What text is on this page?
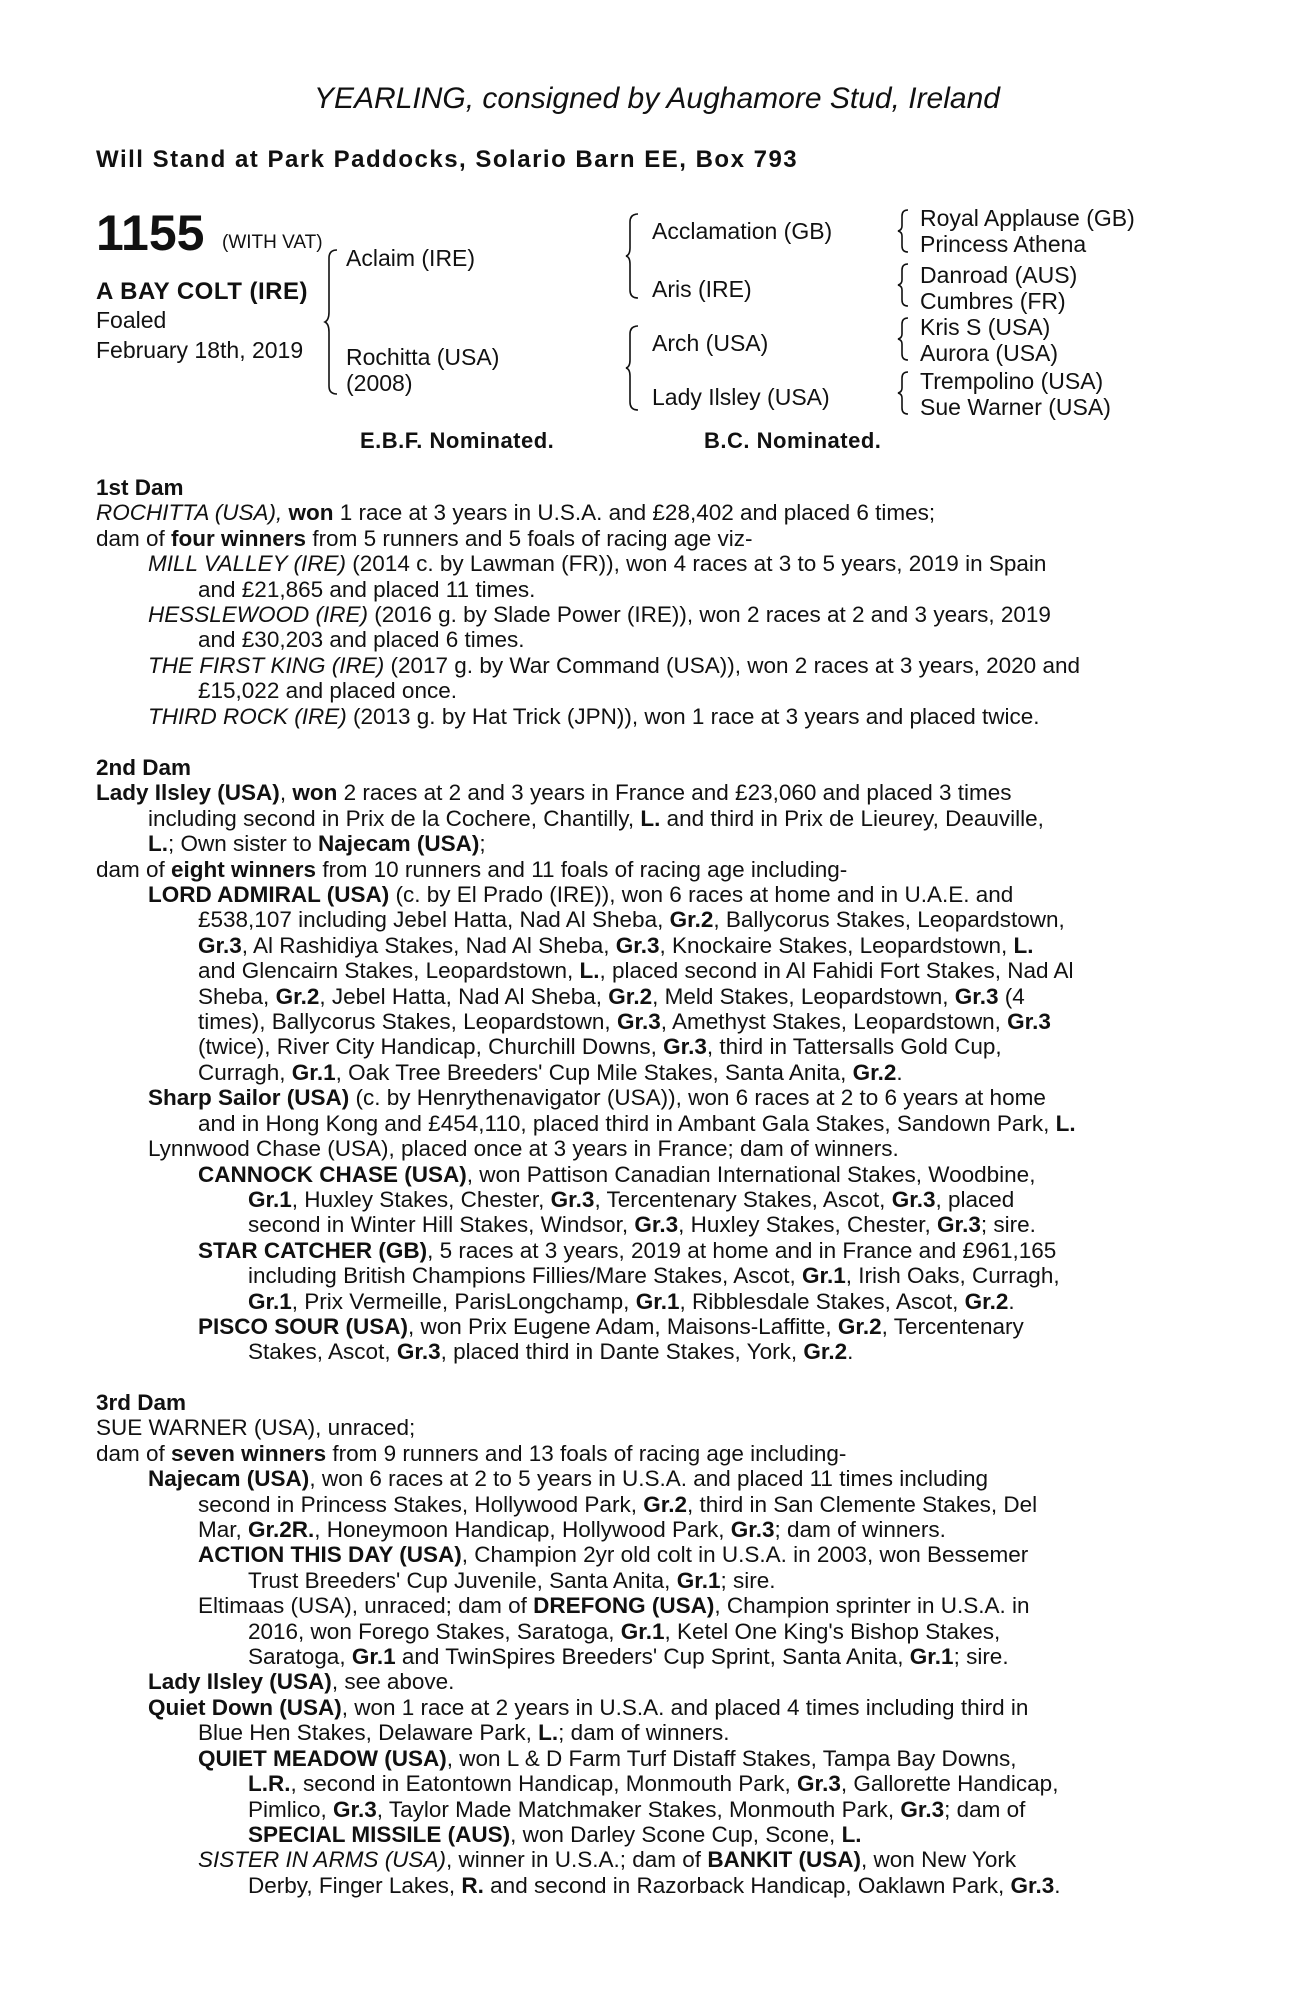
YEARLING, consigned by Aughamore Stud, Ireland
Will Stand at Park Paddocks, Solario Barn EE, Box 793
1155 (WITH VAT)
A BAY COLT (IRE)
Foaled
February 18th, 2019
Aclaim (IRE)
Rochitta (USA)
(2008)
Acclamation (GB)
Aris (IRE)
Arch (USA)
Lady Ilsley (USA)
Royal Applause (GB)
Princess Athena
Danroad (AUS)
Cumbres (FR)
Kris S (USA)
Aurora (USA)
Trempolino (USA)
Sue Warner (USA)
E.B.F. Nominated.	B.C. Nominated.
1st Dam
ROCHITTA (USA), won 1 race at 3 years in U.S.A. and £28,402 and placed 6 times;
dam of four winners from 5 runners and 5 foals of racing age viz-
MILL VALLEY (IRE) (2014 c. by Lawman (FR)), won 4 races at 3 to 5 years, 2019 in Spain
and £21,865 and placed 11 times.
HESSLEWOOD (IRE) (2016 g. by Slade Power (IRE)), won 2 races at 2 and 3 years, 2019
and £30,203 and placed 6 times.
THE FIRST KING (IRE) (2017 g. by War Command (USA)), won 2 races at 3 years, 2020 and
£15,022 and placed once.
THIRD ROCK (IRE) (2013 g. by Hat Trick (JPN)), won 1 race at 3 years and placed twice.
2nd Dam
Lady Ilsley (USA), won 2 races at 2 and 3 years in France and £23,060 and placed 3 times
including second in Prix de la Cochere, Chantilly, L. and third in Prix de Lieurey, Deauville,
L.; Own sister to Najecam (USA);
dam of eight winners from 10 runners and 11 foals of racing age including-
LORD ADMIRAL (USA) (c. by El Prado (IRE)), won 6 races at home and in U.A.E. and
£538,107 including Jebel Hatta, Nad Al Sheba, Gr.2, Ballycorus Stakes, Leopardstown,
Gr.3, Al Rashidiya Stakes, Nad Al Sheba, Gr.3, Knockaire Stakes, Leopardstown, L.
and Glencairn Stakes, Leopardstown, L., placed second in Al Fahidi Fort Stakes, Nad Al
Sheba, Gr.2, Jebel Hatta, Nad Al Sheba, Gr.2, Meld Stakes, Leopardstown, Gr.3 (4
times), Ballycorus Stakes, Leopardstown, Gr.3, Amethyst Stakes, Leopardstown, Gr.3
(twice), River City Handicap, Churchill Downs, Gr.3, third in Tattersalls Gold Cup,
Curragh, Gr.1, Oak Tree Breeders' Cup Mile Stakes, Santa Anita, Gr.2.
Sharp Sailor (USA) (c. by Henrythenavigator (USA)), won 6 races at 2 to 6 years at home
and in Hong Kong and £454,110, placed third in Ambant Gala Stakes, Sandown Park, L.
Lynnwood Chase (USA), placed once at 3 years in France; dam of winners.
CANNOCK CHASE (USA), won Pattison Canadian International Stakes, Woodbine,
Gr.1, Huxley Stakes, Chester, Gr.3, Tercentenary Stakes, Ascot, Gr.3, placed
second in Winter Hill Stakes, Windsor, Gr.3, Huxley Stakes, Chester, Gr.3; sire.
STAR CATCHER (GB), 5 races at 3 years, 2019 at home and in France and £961,165
including British Champions Fillies/Mare Stakes, Ascot, Gr.1, Irish Oaks, Curragh,
Gr.1, Prix Vermeille, ParisLongchamp, Gr.1, Ribblesdale Stakes, Ascot, Gr.2.
PISCO SOUR (USA), won Prix Eugene Adam, Maisons-Laffitte, Gr.2, Tercentenary
Stakes, Ascot, Gr.3, placed third in Dante Stakes, York, Gr.2.
3rd Dam
SUE WARNER (USA), unraced;
dam of seven winners from 9 runners and 13 foals of racing age including-
Najecam (USA), won 6 races at 2 to 5 years in U.S.A. and placed 11 times including
second in Princess Stakes, Hollywood Park, Gr.2, third in San Clemente Stakes, Del
Mar, Gr.2R., Honeymoon Handicap, Hollywood Park, Gr.3; dam of winners.
ACTION THIS DAY (USA), Champion 2yr old colt in U.S.A. in 2003, won Bessemer
Trust Breeders' Cup Juvenile, Santa Anita, Gr.1; sire.
Eltimaas (USA), unraced; dam of DREFONG (USA), Champion sprinter in U.S.A. in
2016, won Forego Stakes, Saratoga, Gr.1, Ketel One King's Bishop Stakes,
Saratoga, Gr.1 and TwinSpires Breeders' Cup Sprint, Santa Anita, Gr.1; sire.
Lady Ilsley (USA), see above.
Quiet Down (USA), won 1 race at 2 years in U.S.A. and placed 4 times including third in
Blue Hen Stakes, Delaware Park, L.; dam of winners.
QUIET MEADOW (USA), won L & D Farm Turf Distaff Stakes, Tampa Bay Downs,
L.R., second in Eatontown Handicap, Monmouth Park, Gr.3, Gallorette Handicap,
Pimlico, Gr.3, Taylor Made Matchmaker Stakes, Monmouth Park, Gr.3; dam of
SPECIAL MISSILE (AUS), won Darley Scone Cup, Scone, L.
SISTER IN ARMS (USA), winner in U.S.A.; dam of BANKIT (USA), won New York
Derby, Finger Lakes, R. and second in Razorback Handicap, Oaklawn Park, Gr.3.
